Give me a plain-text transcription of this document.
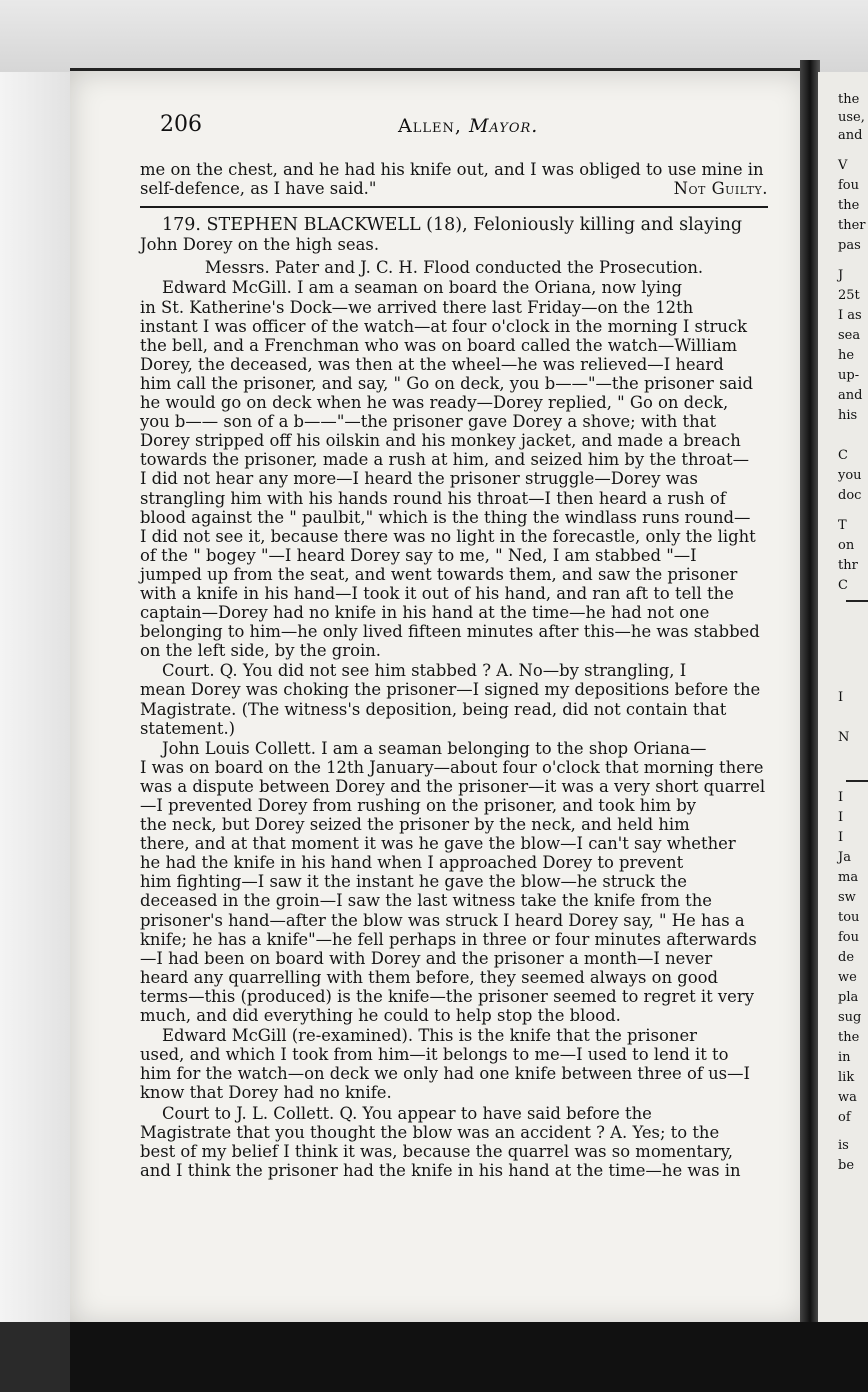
the
use,
and
V
fou
the
ther
pas
J
25t
I as
sea
he
up-
and
his
C
you
doc
T
on
thr
C
I
N
I
I
I
Ja
ma
sw
tou
fou
de
we
pla
sug
the
in
lik
wa
of
is
be
206	Allen, Mayor.

me on the chest, and he had his knife out, and I was obliged to use mine in
self-defence, as I have said."	Not Guilty.

179. STEPHEN BLACKWELL (18), Feloniously killing and slaying
John Dorey on the high seas.
Messrs. Pater and J. C. H. Flood conducted the Prosecution.

Edward McGill. I am a seaman on board the Oriana, now lying
in St. Katherine's Dock—we arrived there last Friday—on the 12th
instant I was officer of the watch—at four o'clock in the morning I struck
the bell, and a Frenchman who was on board called the watch—William
Dorey, the deceased, was then at the wheel—he was relieved—I heard
him call the prisoner, and say, " Go on deck, you b——"—the prisoner said
he would go on deck when he was ready—Dorey replied, " Go on deck,
you b—— son of a b——"—the prisoner gave Dorey a shove; with that
Dorey stripped off his oilskin and his monkey jacket, and made a breach
towards the prisoner, made a rush at him, and seized him by the throat—
I did not hear any more—I heard the prisoner struggle—Dorey was
strangling him with his hands round his throat—I then heard a rush of
blood against the " paulbit," which is the thing the windlass runs round—
I did not see it, because there was no light in the forecastle, only the light
of the " bogey "—I heard Dorey say to me, " Ned, I am stabbed "—I
jumped up from the seat, and went towards them, and saw the prisoner
with a knife in his hand—I took it out of his hand, and ran aft to tell the
captain—Dorey had no knife in his hand at the time—he had not one
belonging to him—he only lived fifteen minutes after this—he was stabbed
on the left side, by the groin.

Court. Q. You did not see him stabbed ? A. No—by strangling, I
mean Dorey was choking the prisoner—I signed my depositions before the
Magistrate. (The witness's deposition, being read, did not contain that
statement.)

John Louis Collett. I am a seaman belonging to the shop Oriana—
I was on board on the 12th January—about four o'clock that morning there
was a dispute between Dorey and the prisoner—it was a very short quarrel
—I prevented Dorey from rushing on the prisoner, and took him by
the neck, but Dorey seized the prisoner by the neck, and held him
there, and at that moment it was he gave the blow—I can't say whether
he had the knife in his hand when I approached Dorey to prevent
him fighting—I saw it the instant he gave the blow—he struck the
deceased in the groin—I saw the last witness take the knife from the
prisoner's hand—after the blow was struck I heard Dorey say, " He has a
knife; he has a knife"—he fell perhaps in three or four minutes afterwards
—I had been on board with Dorey and the prisoner a month—I never
heard any quarrelling with them before, they seemed always on good
terms—this (produced) is the knife—the prisoner seemed to regret it very
much, and did everything he could to help stop the blood.

Edward McGill (re-examined). This is the knife that the prisoner
used, and which I took from him—it belongs to me—I used to lend it to
him for the watch—on deck we only had one knife between three of us—I
know that Dorey had no knife.

Court to J. L. Collett. Q. You appear to have said before the
Magistrate that you thought the blow was an accident ? A. Yes; to the
best of my belief I think it was, because the quarrel was so momentary,
and I think the prisoner had the knife in his hand at the time—he was in
